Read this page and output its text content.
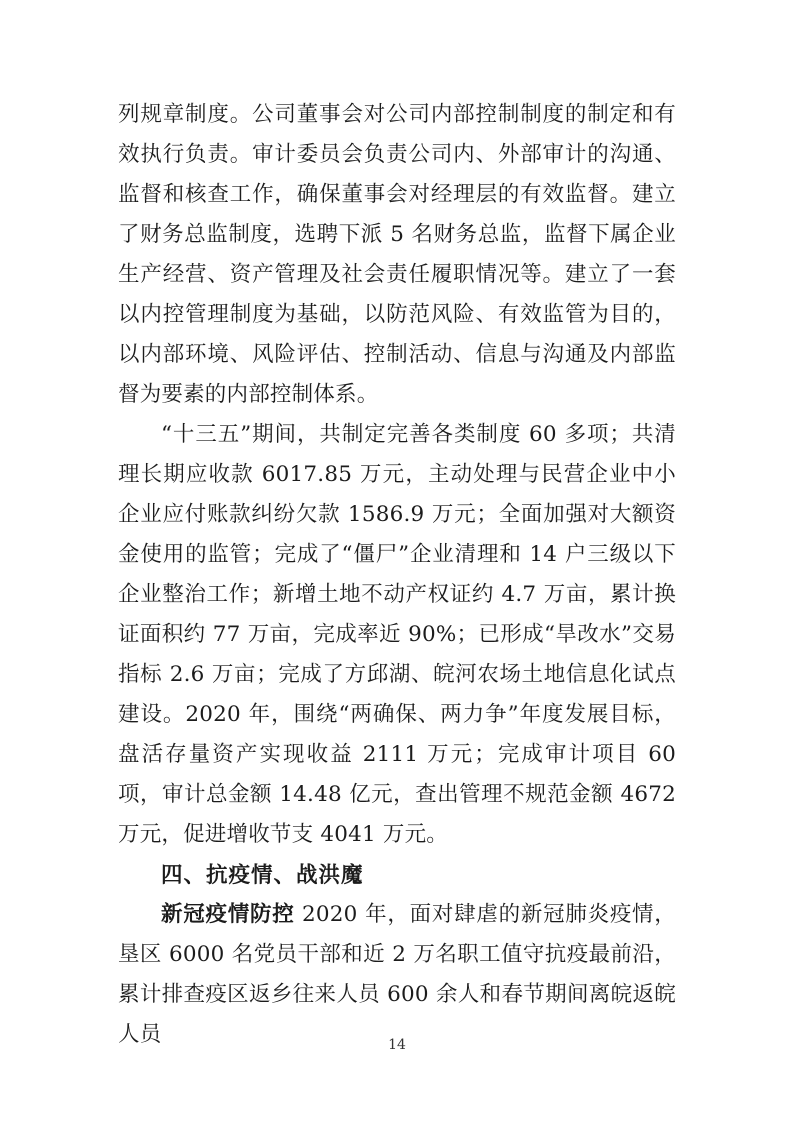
列规章制度。公司董事会对公司内部控制制度的制定和有效执行负责。审计委员会负责公司内、外部审计的沟通、监督和核查工作，确保董事会对经理层的有效监督。建立了财务总监制度，选聘下派 5 名财务总监，监督下属企业生产经营、资产管理及社会责任履职情况等。建立了一套以内控管理制度为基础，以防范风险、有效监管为目的，以内部环境、风险评估、控制活动、信息与沟通及内部监督为要素的内部控制体系。

“十三五”期间，共制定完善各类制度 60 多项；共清理长期应收款 6017.85 万元，主动处理与民营企业中小企业应付账款纠纷欠款 1586.9 万元；全面加强对大额资金使用的监管；完成了“僵尸”企业清理和 14 户三级以下企业整治工作；新增土地不动产权证约 4.7 万亩，累计换证面积约 77 万亩，完成率近 90%；已形成“旱改水”交易指标 2.6 万亩；完成了方邱湖、皖河农场土地信息化试点建设。2020 年，围绕“两确保、两力争”年度发展目标，盘活存量资产实现收益 2111 万元；完成审计项目 60 项，审计总金额 14.48 亿元，查出管理不规范金额 4672 万元，促进增收节支 4041 万元。

四、抗疫情、战洪魔

新冠疫情防控 2020 年，面对肆虐的新冠肺炎疫情，垦区 6000 名党员干部和近 2 万名职工值守抗疫最前沿，累计排查疫区返乡往来人员 600 余人和春节期间离皖返皖人员	14
